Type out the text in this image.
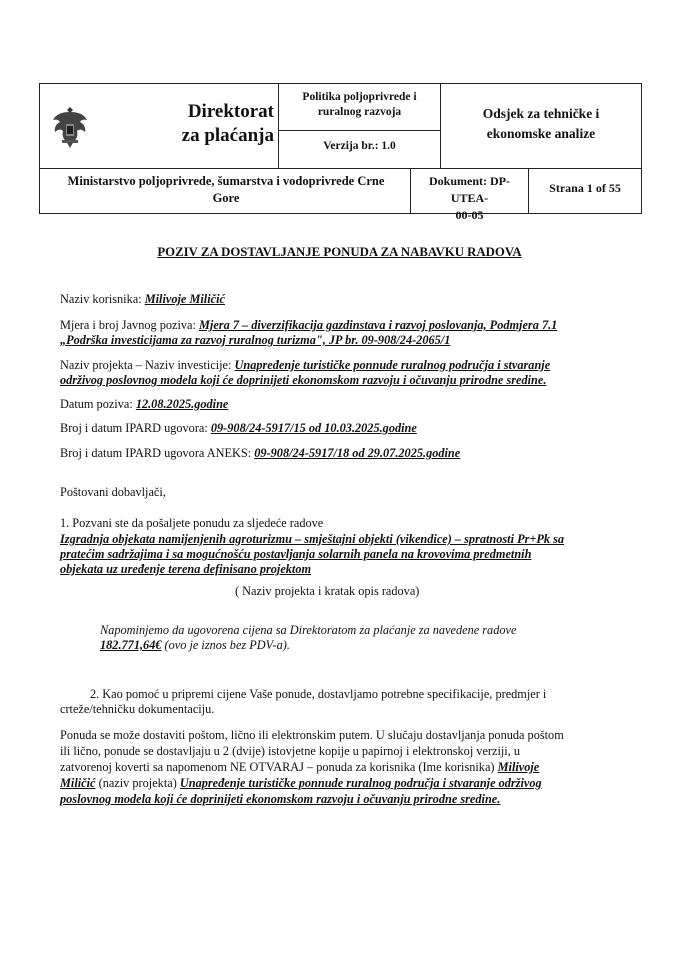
Direktorat
za plaćanja
Politika poljoprivrede i
ruralnog razvoja
Verzija br.: 1.0
Odsjek za tehničke i
ekonomske analize
Ministarstvo poljoprivrede, šumarstva i vodoprivrede Crne
Gore
Dokument: DP-UTEA-
00-05
Strana 1 of 55
POZIV ZA DOSTAVLJANJE PONUDA ZA NABAVKU RADOVA
Naziv korisnika: Milivoje Miličić
Mjera i broj Javnog poziva: Mjera 7 – diverzifikacija gazdinstava i razvoj poslovanja, Podmjera 7.1
„Podrška investicijama za razvoj ruralnog turizma", JP br. 09-908/24-2065/1
Naziv projekta – Naziv investicije: Unapređenje turističke ponnude ruralnog područja i stvaranje
održivog poslovnog modela koji će doprinijeti ekonomskom razvoju i očuvanju prirodne sredine.
Datum poziva: 12.08.2025.godine
Broj i datum IPARD ugovora: 09-908/24-5917/15 od 10.03.2025.godine
Broj i datum IPARD ugovora ANEKS: 09-908/24-5917/18 od 29.07.2025.godine
Poštovani dobavljači,
1. Pozvani ste da pošaljete ponudu za sljedeće radove
Izgradnja objekata namijenjenih agroturizmu – smještajni objekti (vikendice) – spratnosti Pr+Pk sa
pratećim sadržajima i sa mogućnošću postavljanja solarnih panela na krovovima predmetnih
objekata uz uređenje terena definisano projektom
( Naziv projekta i kratak opis radova)
Napominjemo da ugovorena cijena sa Direktoratom za plaćanje za navedene radove
182.771,64€ (ovo je iznos bez PDV-a).
2. Kao pomoć u pripremi cijene Vaše ponude, dostavljamo potrebne specifikacije, predmjer i
crteže/tehničku dokumentaciju.
Ponuda se može dostaviti poštom, lično ili elektronskim putem. U slučaju dostavljanja ponuda poštom
ili lično, ponude se dostavljaju u 2 (dvije) istovjetne kopije u papirnoj i elektronskoj verziji, u
zatvorenoj koverti sa napomenom NE OTVARAJ – ponuda za korisnika (Ime korisnika) Milivoje
Miličić (naziv projekta) Unapređenje turističke ponnude ruralnog područja i stvaranje održivog
poslovnog modela koji će doprinijeti ekonomskom razvoju i očuvanju prirodne sredine.
